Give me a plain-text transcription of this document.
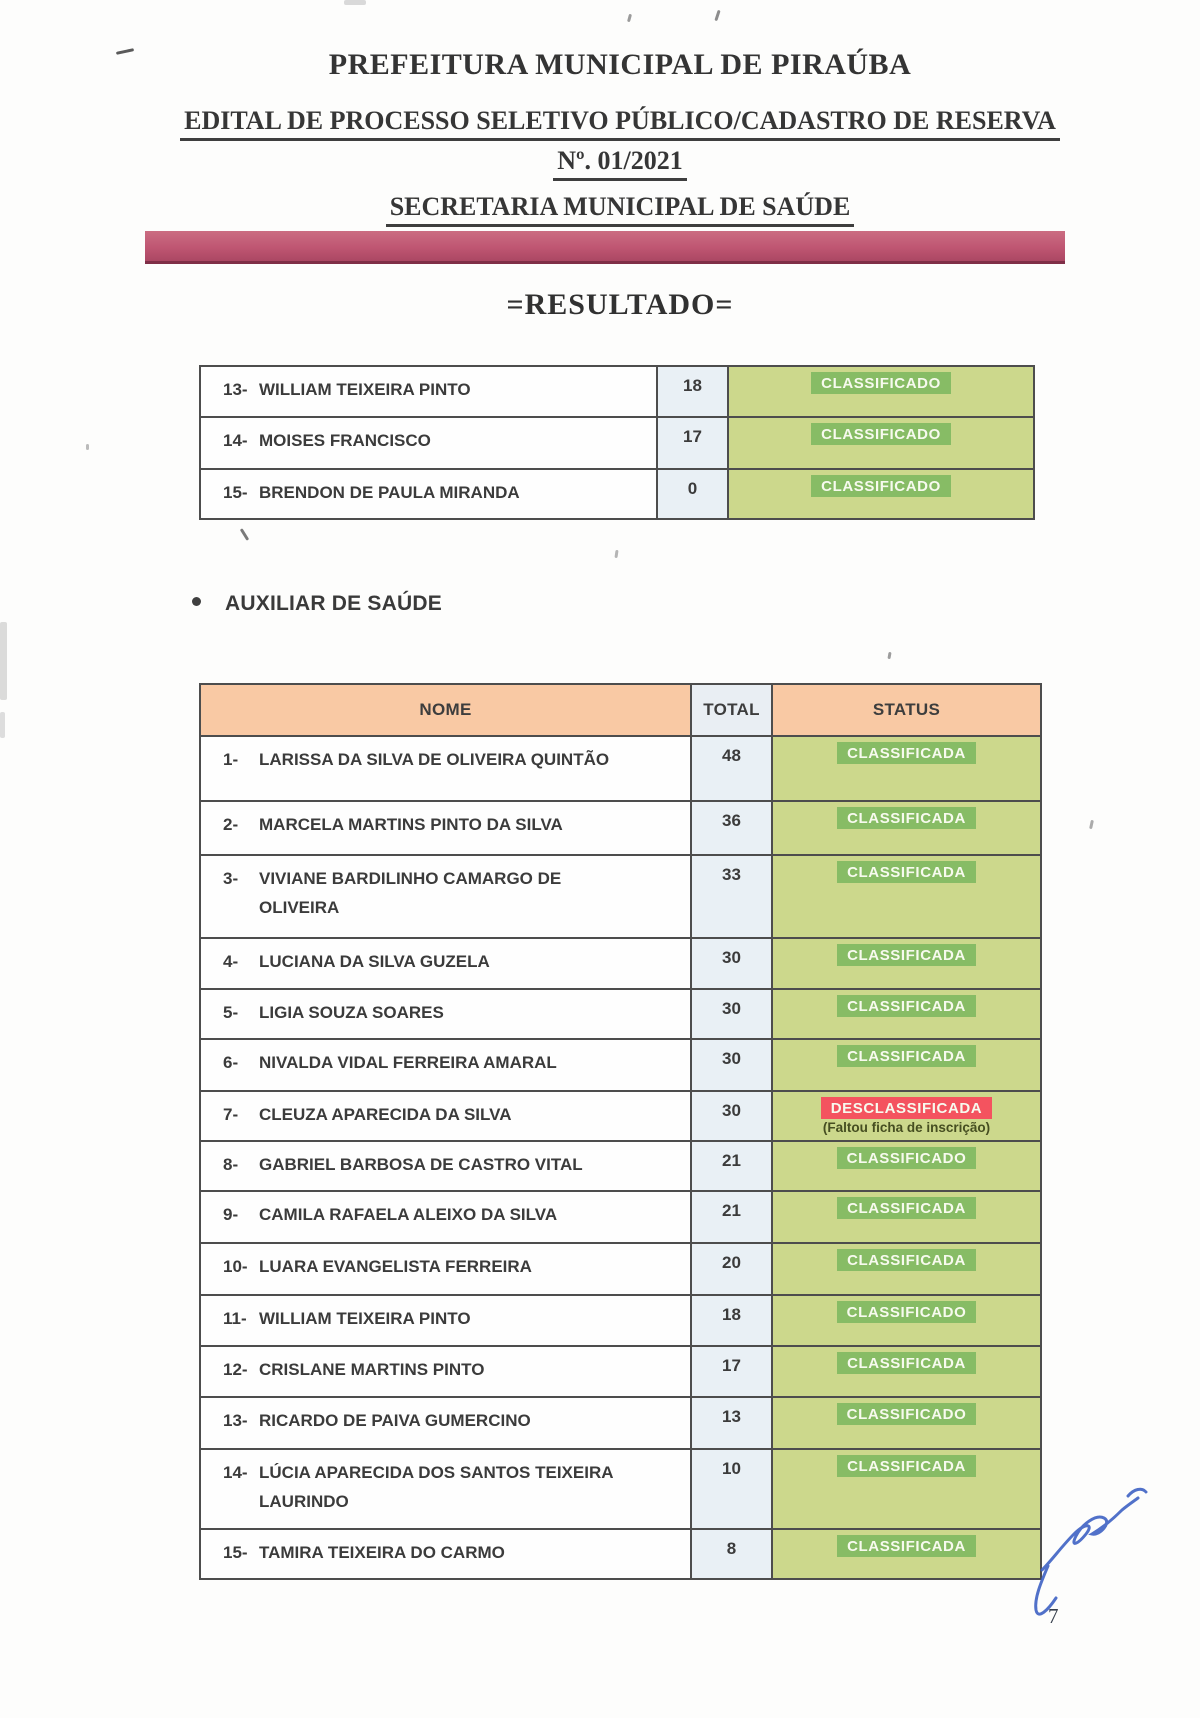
PREFEITURA MUNICIPAL DE PIRAÚBA
EDITAL DE PROCESSO SELETIVO PÚBLICO/CADASTRO DE RESERVA
Nº. 01/2021
SECRETARIA MUNICIPAL DE SAÚDE
=RESULTADO=
13- WILLIAM TEIXEIRA PINTO	18	CLASSIFICADO
14- MOISES FRANCISCO	17	CLASSIFICADO
15- BRENDON DE PAULA MIRANDA	0	CLASSIFICADO
AUXILIAR DE SAÚDE
NOME	TOTAL	STATUS
1- LARISSA DA SILVA DE OLIVEIRA QUINTÃO	48	CLASSIFICADA
2- MARCELA MARTINS PINTO DA SILVA	36	CLASSIFICADA
3- VIVIANE BARDILINHO CAMARGO DE OLIVEIRA	33	CLASSIFICADA
4- LUCIANA DA SILVA GUZELA	30	CLASSIFICADA
5- LIGIA SOUZA SOARES	30	CLASSIFICADA
6- NIVALDA VIDAL FERREIRA AMARAL	30	CLASSIFICADA
7- CLEUZA APARECIDA DA SILVA	30	DESCLASSIFICADA
(Faltou ficha de inscrição)

8- GABRIEL BARBOSA DE CASTRO VITAL	21	CLASSIFICADO
9- CAMILA RAFAELA ALEIXO DA SILVA	21	CLASSIFICADA
10- LUARA EVANGELISTA FERREIRA	20	CLASSIFICADA
11- WILLIAM TEIXEIRA PINTO	18	CLASSIFICADO
12- CRISLANE MARTINS PINTO	17	CLASSIFICADA
13- RICARDO DE PAIVA GUMERCINO	13	CLASSIFICADO
14- LÚCIA APARECIDA DOS SANTOS TEIXEIRA LAURINDO	10	CLASSIFICADA
15- TAMIRA TEIXEIRA DO CARMO	8	CLASSIFICADA
7
